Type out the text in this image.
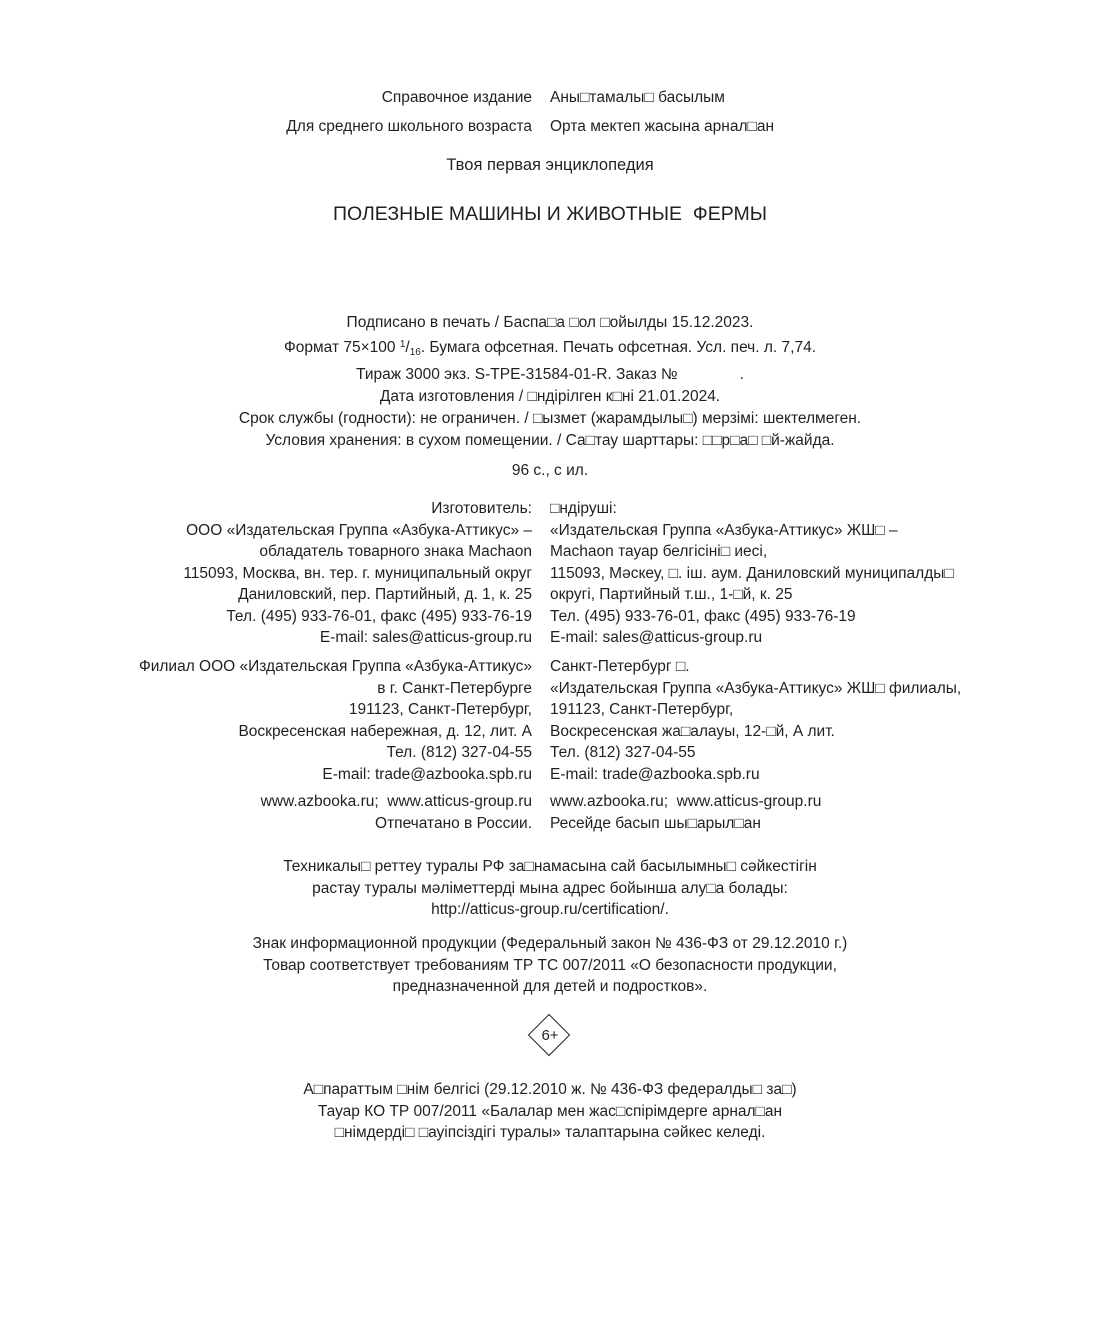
Справочное издание Аны□тамалы□ басылым
Для среднего школьного возраста Орта мектеп жасына арнал□ан
Твоя первая энциклопедия
ПОЛЕЗНЫЕ МАШИНЫ И ЖИВОТНЫЕ  ФЕРМЫ
Подписано в печать / Баспа□а □ол □ойылды 15.12.2023.
Формат 75×100 $^1$/16. Бумага офсетная. Печать офсетная. Усл. печ. л. 7,74.
Тираж 3000 экз. S-TPE-31584-01-R. Заказ №	.
Дата изготовления / □ндірілген к□ні 21.01.2024.
Срок службы (годности): не ограничен. / □ызмет (жарамдылы□) мерзімі: шектелмеген.
Условия хранения: в сухом помещении. / Са□тау шарттары: □□р□а□ □й-жайда.
96 с., с ил.
Изготовитель:
ООО «Издательская Группа «Азбука-Аттикус» –
обладатель товарного знака Machaon
115093, Москва, вн. тер. г. муниципальный округ
Даниловский, пер. Партийный, д. 1, к. 25
Тел. (495) 933-76-01, факс (495) 933-76-19
E-mail: sales@atticus-group.ru
□ндіруші:
«Издательская Группа «Азбука-Аттикус» ЖШ□ –
Machaon тауар белгісіні□ иесі,
115093, Мәскеу, □. іш. аум. Даниловский муниципалды□
округі, Партийный т.ш., 1-□й, к. 25
Тел. (495) 933-76-01, факс (495) 933-76-19
E-mail: sales@atticus-group.ru
Филиал ООО «Издательская Группа «Азбука-Аттикус»
в г. Санкт-Петербурге
191123, Санкт-Петербург,
Воскресенская набережная, д. 12, лит. А
Тел. (812) 327-04-55
E-mail: trade@azbooka.spb.ru
Санкт-Петербург □.
«Издательская Группа «Азбука-Аттикус» ЖШ□ филиалы,
191123, Санкт-Петербург,
Воскресенская жа□алауы, 12-□й, А лит.
Тел. (812) 327-04-55
E-mail: trade@azbooka.spb.ru
www.azbooka.ru;  www.atticus-group.ru
Отпечатано в России.
www.azbooka.ru;  www.atticus-group.ru
Ресейде басып шы□арыл□ан
Техникалы□ реттеу туралы РФ за□намасына сай басылымны□ сәйкестігін
растау туралы мәліметтерді мына адрес бойынша алу□а болады:
http://atticus-group.ru/certification/.
Знак информационной продукции (Федеральный закон № 436-ФЗ от 29.12.2010 г.)
Товар соответствует требованиям ТР ТС 007/2011 «О безопасности продукции,
предназначенной для детей и подростков».
6+
А□параттым □нім белгісі (29.12.2010 ж. № 436-ФЗ федералды□ за□)
Тауар КО ТР 007/2011 «Балалар мен жас□спірімдерге арнал□ан
□німдерді□ □ауіпсіздігі туралы» талаптарына сәйкес келеді.
